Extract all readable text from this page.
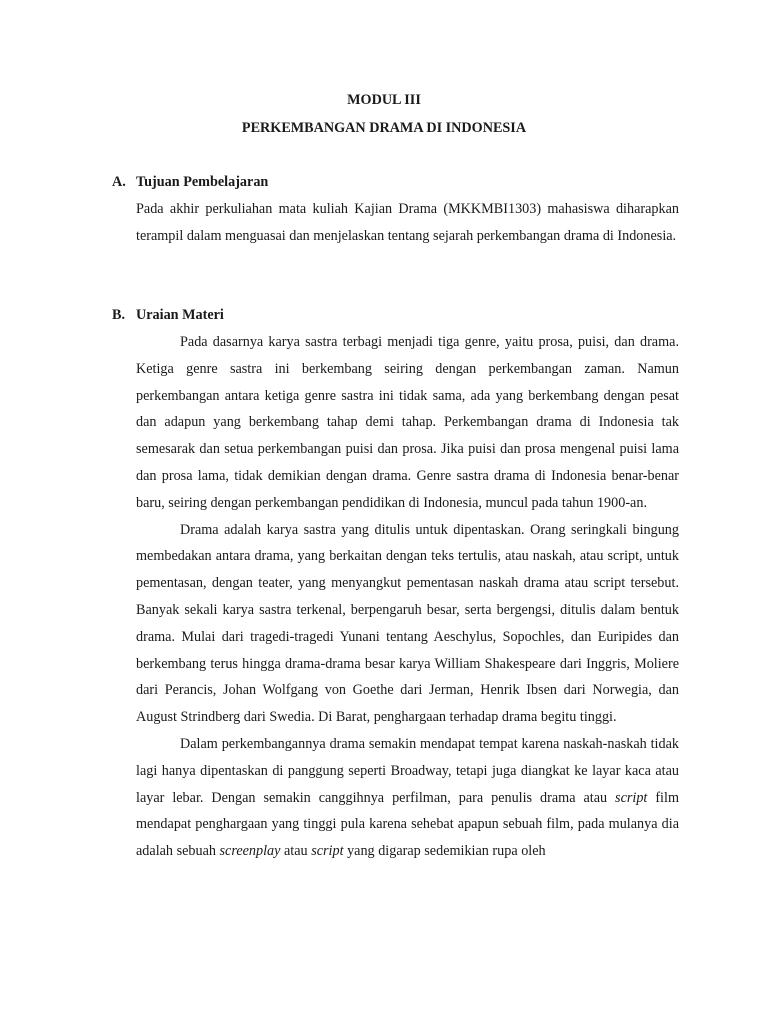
MODUL III
PERKEMBANGAN DRAMA DI INDONESIA
A. Tujuan Pembelajaran

Pada akhir perkuliahan mata kuliah Kajian Drama (MKKMBI1303) mahasiswa diharapkan terampil dalam menguasai dan menjelaskan tentang sejarah perkembangan drama di Indonesia.

B. Uraian Materi

Pada dasarnya karya sastra terbagi menjadi tiga genre, yaitu prosa, puisi, dan drama. Ketiga genre sastra ini berkembang seiring dengan perkembangan zaman. Namun perkembangan antara ketiga genre sastra ini tidak sama, ada yang berkembang dengan pesat dan adapun yang berkembang tahap demi tahap. Perkembangan drama di Indonesia tak semesarak dan setua perkembangan puisi dan prosa. Jika puisi dan prosa mengenal puisi lama dan prosa lama, tidak demikian dengan drama. Genre sastra drama di Indonesia benar-benar baru, seiring dengan perkembangan pendidikan di Indonesia, muncul pada tahun 1900-an.

Drama adalah karya sastra yang ditulis untuk dipentaskan. Orang seringkali bingung membedakan antara drama, yang berkaitan dengan teks tertulis, atau naskah, atau script, untuk pementasan, dengan teater, yang menyangkut pementasan naskah drama atau script tersebut. Banyak sekali karya sastra terkenal, berpengaruh besar, serta bergengsi, ditulis dalam bentuk drama. Mulai dari tragedi-tragedi Yunani tentang Aeschylus, Sopochles, dan Euripides dan berkembang terus hingga drama-drama besar karya William Shakespeare dari Inggris, Moliere dari Perancis, Johan Wolfgang von Goethe dari Jerman, Henrik Ibsen dari Norwegia, dan August Strindberg dari Swedia. Di Barat, penghargaan terhadap drama begitu tinggi.

Dalam perkembangannya drama semakin mendapat tempat karena naskah-naskah tidak lagi hanya dipentaskan di panggung seperti Broadway, tetapi juga diangkat ke layar kaca atau layar lebar. Dengan semakin canggihnya perfilman, para penulis drama atau script film mendapat penghargaan yang tinggi pula karena sehebat apapun sebuah film, pada mulanya dia adalah sebuah screenplay atau script yang digarap sedemikian rupa oleh
